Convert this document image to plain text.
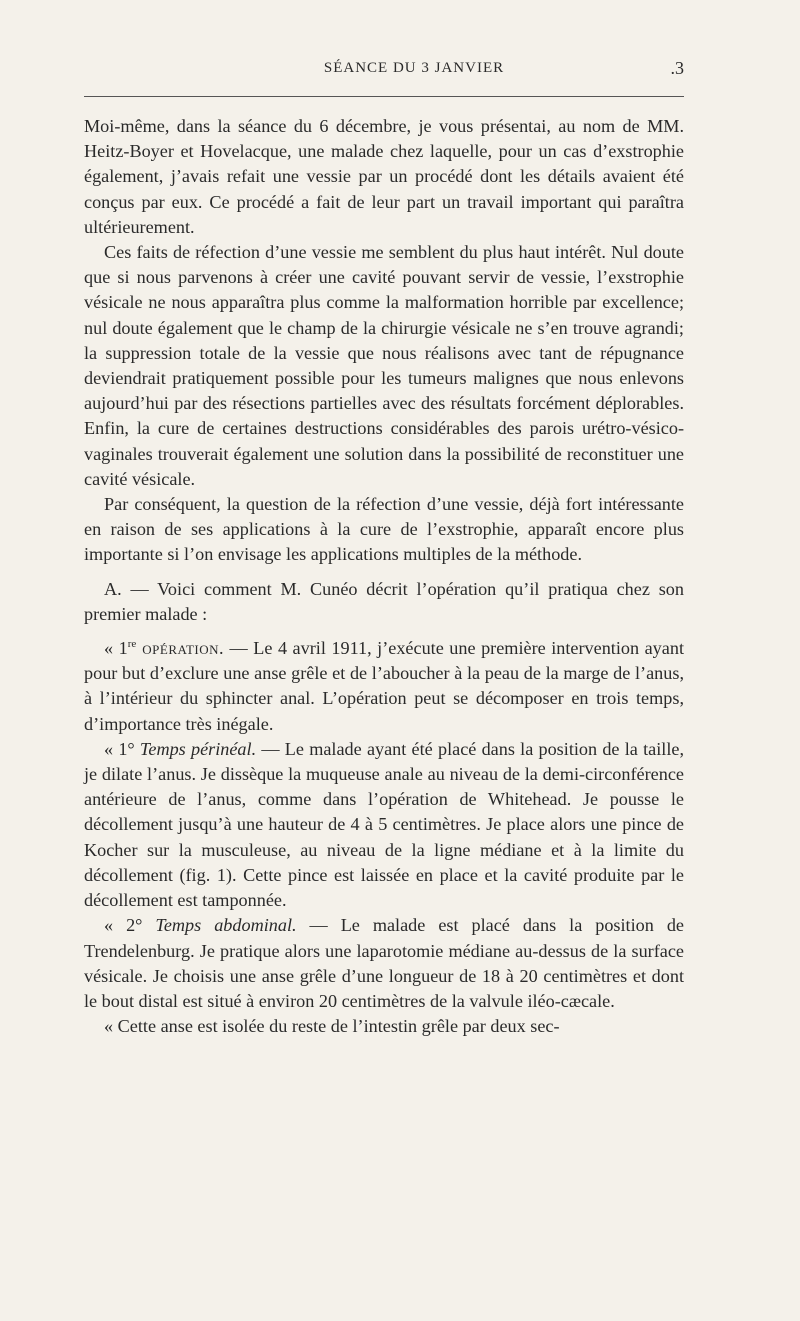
SÉANCE DU 3 JANVIER	.3

Moi-même, dans la séance du 6 décembre, je vous présentai, au nom de MM. Heitz-Boyer et Hovelacque, une malade chez laquelle, pour un cas d’exstrophie également, j’avais refait une vessie par un procédé dont les détails avaient été conçus par eux. Ce procédé a fait de leur part un travail important qui paraîtra ultérieurement.

Ces faits de réfection d’une vessie me semblent du plus haut intérêt. Nul doute que si nous parvenons à créer une cavité pouvant servir de vessie, l’exstrophie vésicale ne nous apparaîtra plus comme la malformation horrible par excellence; nul doute également que le champ de la chirurgie vésicale ne s’en trouve agrandi; la suppression totale de la vessie que nous réalisons avec tant de répugnance deviendrait pratiquement possible pour les tumeurs malignes que nous enlevons aujourd’hui par des résections partielles avec des résultats forcément déplorables. Enfin, la cure de certaines destructions considérables des parois urétro-vésico-vaginales trouverait également une solution dans la possibilité de reconstituer une cavité vésicale.

Par conséquent, la question de la réfection d’une vessie, déjà fort intéressante en raison de ses applications à la cure de l’exstrophie, apparaît encore plus importante si l’on envisage les applications multiples de la méthode.

A. — Voici comment M. Cunéo décrit l’opération qu’il pratiqua chez son premier malade :

« 1re opération. — Le 4 avril 1911, j’exécute une première intervention ayant pour but d’exclure une anse grêle et de l’aboucher à la peau de la marge de l’anus, à l’intérieur du sphincter anal. L’opération peut se décomposer en trois temps, d’importance très inégale.

« 1° Temps périnéal. — Le malade ayant été placé dans la position de la taille, je dilate l’anus. Je dissèque la muqueuse anale au niveau de la demi-circonférence antérieure de l’anus, comme dans l’opération de Whitehead. Je pousse le décollement jusqu’à une hauteur de 4 à 5 centimètres. Je place alors une pince de Kocher sur la musculeuse, au niveau de la ligne médiane et à la limite du décollement (fig. 1). Cette pince est laissée en place et la cavité produite par le décollement est tamponnée.

« 2° Temps abdominal. — Le malade est placé dans la position de Trendelenburg. Je pratique alors une laparotomie médiane au-dessus de la surface vésicale. Je choisis une anse grêle d’une longueur de 18 à 20 centimètres et dont le bout distal est situé à environ 20 centimètres de la valvule iléo-cæcale.

« Cette anse est isolée du reste de l’intestin grêle par deux sec-
